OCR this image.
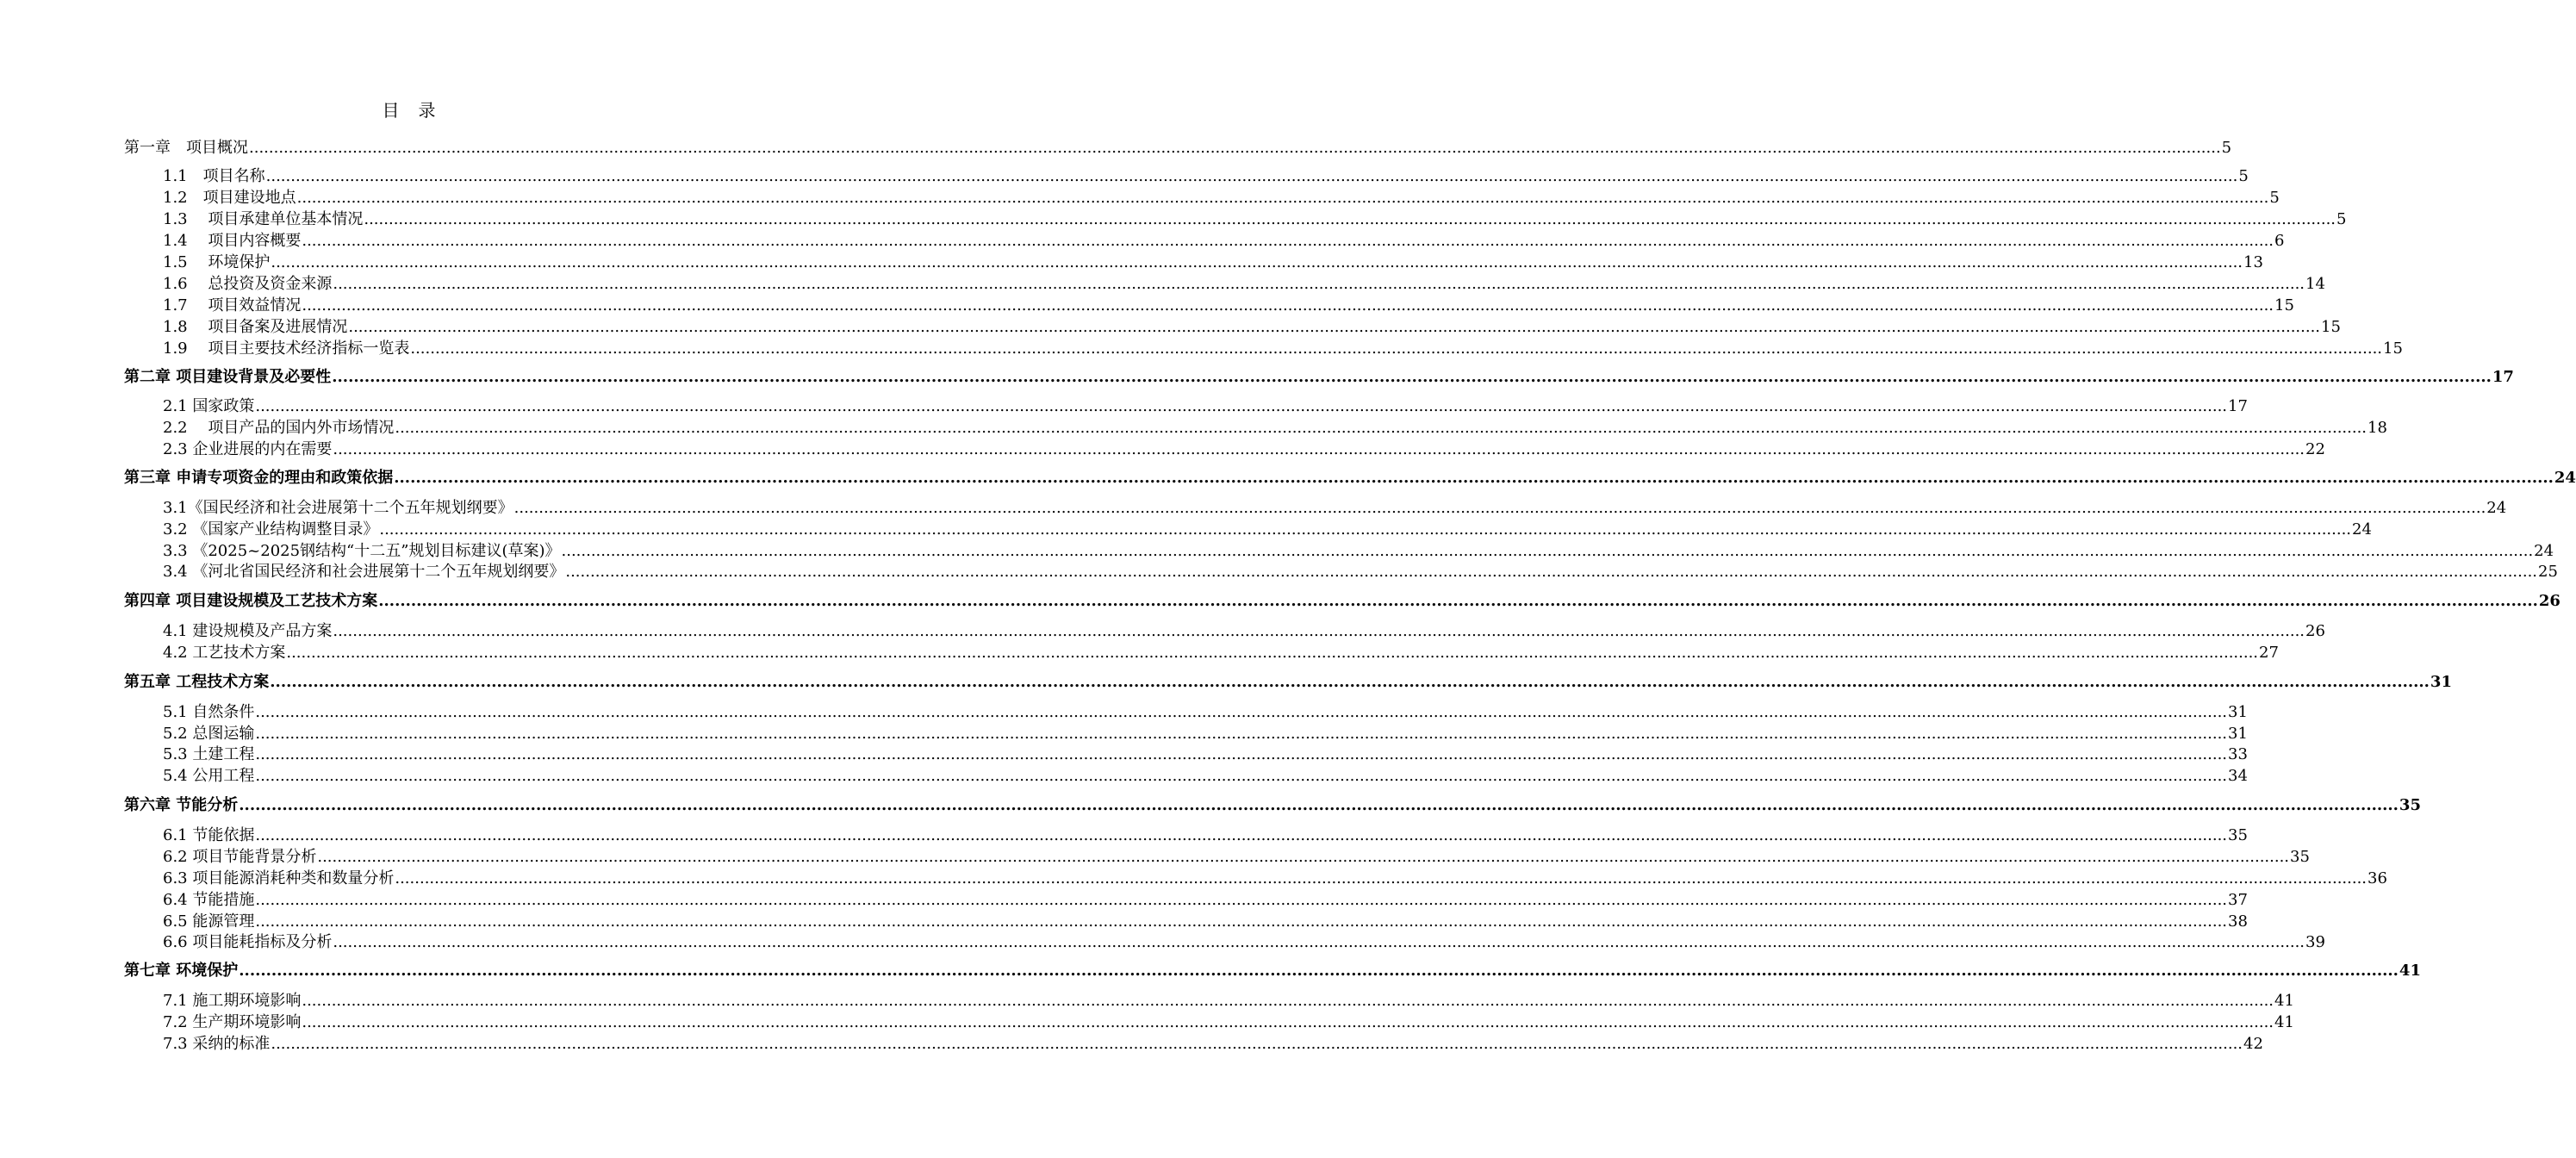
目　录
第一章　项目概况 ................................................................................................................................................................................................................................................................................................................................................................................................................ 5
1.1　项目名称 ................................................................................................................................................................................................................................................................................................................................................................................................................ 5
1.2　项目建设地点 ................................................................................................................................................................................................................................................................................................................................................................................................................ 5
1.3　 项目承建单位基本情况 ................................................................................................................................................................................................................................................................................................................................................................................................................ 5
1.4　 项目内容概要 ................................................................................................................................................................................................................................................................................................................................................................................................................ 6
1.5　 环境保护 ................................................................................................................................................................................................................................................................................................................................................................................................................ 13
1.6　 总投资及资金来源 ................................................................................................................................................................................................................................................................................................................................................................................................................ 14
1.7　 项目效益情况 ................................................................................................................................................................................................................................................................................................................................................................................................................ 15
1.8　 项目备案及进展情况 ................................................................................................................................................................................................................................................................................................................................................................................................................ 15
1.9　 项目主要技术经济指标一览表 ................................................................................................................................................................................................................................................................................................................................................................................................................ 15
第二章 项目建设背景及必要性 ................................................................................................................................................................................................................................................................................................................................................................................................................ 17
2.1 国家政策 ................................................................................................................................................................................................................................................................................................................................................................................................................ 17
2.2　 项目产品的国内外市场情况 ................................................................................................................................................................................................................................................................................................................................................................................................................ 18
2.3 企业进展的内在需要 ................................................................................................................................................................................................................................................................................................................................................................................................................ 22
第三章 申请专项资金的理由和政策依据 ................................................................................................................................................................................................................................................................................................................................................................................................................ 24
3.1《国民经济和社会进展第十二个五年规划纲要》 ................................................................................................................................................................................................................................................................................................................................................................................................................ 24
3.2 《国家产业结构调整目录》 ................................................................................................................................................................................................................................................................................................................................................................................................................ 24
3.3 《2025~2025钢结构“十二五”规划目标建议(草案)》 ................................................................................................................................................................................................................................................................................................................................................................................................................ 24
3.4 《河北省国民经济和社会进展第十二个五年规划纲要》 ................................................................................................................................................................................................................................................................................................................................................................................................................ 25
第四章 项目建设规模及工艺技术方案 ................................................................................................................................................................................................................................................................................................................................................................................................................ 26
4.1 建设规模及产品方案 ................................................................................................................................................................................................................................................................................................................................................................................................................ 26
4.2 工艺技术方案 ................................................................................................................................................................................................................................................................................................................................................................................................................ 27
第五章 工程技术方案 ................................................................................................................................................................................................................................................................................................................................................................................................................ 31
5.1 自然条件 ................................................................................................................................................................................................................................................................................................................................................................................................................ 31
5.2 总图运输 ................................................................................................................................................................................................................................................................................................................................................................................................................ 31
5.3 土建工程 ................................................................................................................................................................................................................................................................................................................................................................................................................ 33
5.4 公用工程 ................................................................................................................................................................................................................................................................................................................................................................................................................ 34
第六章 节能分析 ................................................................................................................................................................................................................................................................................................................................................................................................................ 35
6.1 节能依据 ................................................................................................................................................................................................................................................................................................................................................................................................................ 35
6.2 项目节能背景分析 ................................................................................................................................................................................................................................................................................................................................................................................................................ 35
6.3 项目能源消耗种类和数量分析 ................................................................................................................................................................................................................................................................................................................................................................................................................ 36
6.4 节能措施 ................................................................................................................................................................................................................................................................................................................................................................................................................ 37
6.5 能源管理 ................................................................................................................................................................................................................................................................................................................................................................................................................ 38
6.6 项目能耗指标及分析 ................................................................................................................................................................................................................................................................................................................................................................................................................ 39
第七章 环境保护 ................................................................................................................................................................................................................................................................................................................................................................................................................ 41
7.1 施工期环境影响 ................................................................................................................................................................................................................................................................................................................................................................................................................ 41
7.2 生产期环境影响 ................................................................................................................................................................................................................................................................................................................................................................................................................ 41
7.3 采纳的标准 ................................................................................................................................................................................................................................................................................................................................................................................................................ 42
